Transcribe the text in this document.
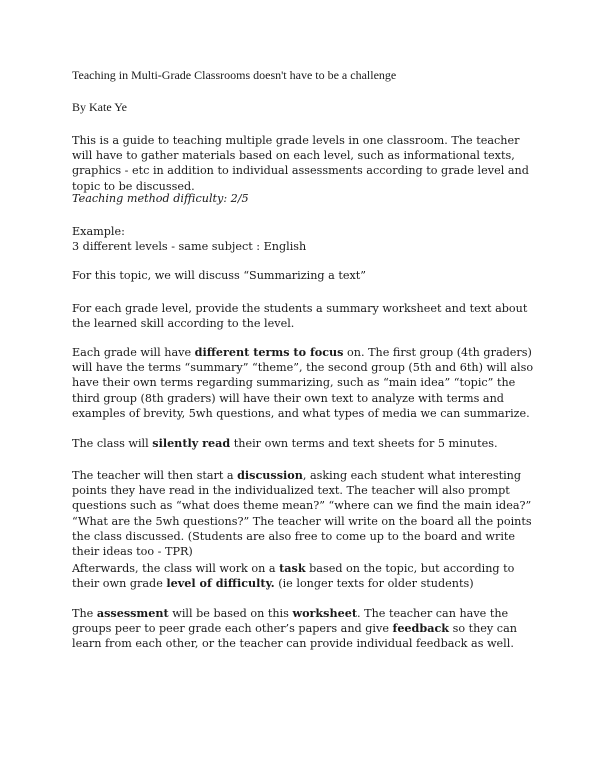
Teaching in Multi-Grade Classrooms doesn't have to be a challenge

By Kate Ye

This is a guide to teaching multiple grade levels in one classroom. The teacher will have to gather materials based on each level, such as informational texts, graphics - etc in addition to individual assessments according to grade level and topic to be discussed.

Teaching method difficulty: 2/5

Example:
3 different levels - same subject : English

For this topic, we will discuss “Summarizing a text”

For each grade level, provide the students a summary worksheet and text about the learned skill according to the level.

Each grade will have different terms to focus on. The first group (4th graders) will have the terms “summary” “theme”, the second group (5th and 6th) will also have their own terms regarding summarizing, such as “main idea” “topic” the third group (8th graders) will have their own text to analyze with terms and examples of brevity, 5wh questions, and what types of media we can summarize.

The class will silently read their own terms and text sheets for 5 minutes.

The teacher will then start a discussion, asking each student what interesting points they have read in the individualized text. The teacher will also prompt questions such as “what does theme mean?” “where can we find the main idea?” “What are the 5wh questions?” The teacher will write on the board all the points the class discussed. (Students are also free to come up to the board and write their ideas too - TPR)

Afterwards, the class will work on a task based on the topic, but according to their own grade level of difficulty. (ie longer texts for older students)

The assessment will be based on this worksheet. The teacher can have the groups peer to peer grade each other’s papers and give feedback so they can learn from each other, or the teacher can provide individual feedback as well.
